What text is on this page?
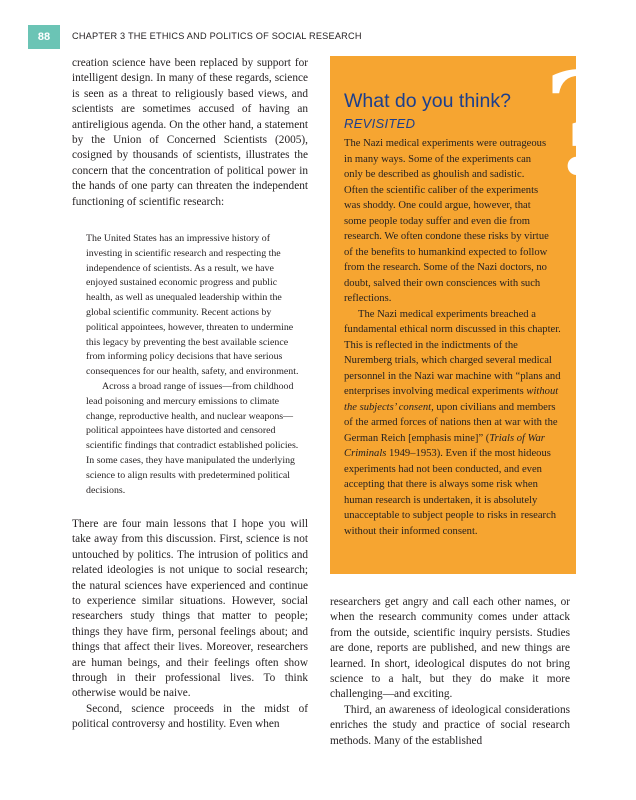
88	CHAPTER 3 THE ETHICS AND POLITICS OF SOCIAL RESEARCH

creation science have been replaced by support for intelligent design. In many of these regards, science is seen as a threat to religiously based views, and scientists are sometimes accused of having an antireligious agenda. On the other hand, a statement by the Union of Concerned Scientists (2005), cosigned by thousands of scientists, illustrates the concern that the concentration of political power in the hands of one party can threaten the independent functioning of scientific research:

The United States has an impressive history of investing in scientific research and respecting the independence of scientists. As a result, we have enjoyed sustained economic progress and public health, as well as unequaled leadership within the global scientific community. Recent actions by political appointees, however, threaten to undermine this legacy by preventing the best available science from informing policy decisions that have serious consequences for our health, safety, and environment.

Across a broad range of issues—from childhood lead poisoning and mercury emissions to climate change, reproductive health, and nuclear weapons—political appointees have distorted and censored scientific findings that contradict established policies. In some cases, they have manipulated the underlying science to align results with predetermined political decisions.

There are four main lessons that I hope you will take away from this discussion. First, science is not untouched by politics. The intrusion of politics and related ideologies is not unique to social research; the natural sciences have experienced and continue to experience similar situations. However, social researchers study things that matter to people; things they have firm, personal feelings about; and things that affect their lives. Moreover, researchers are human beings, and their feelings often show through in their professional lives. To think otherwise would be naive.

Second, science proceeds in the midst of political controversy and hostility. Even when

?
What do you think?
REVISITED

The Nazi medical experiments were outrageous in many ways. Some of the experiments can only be described as ghoulish and sadistic. Often the scientific caliber of the experiments was shoddy. One could argue, however, that some people today suffer and even die from research. We often condone these risks by virtue of the benefits to humankind expected to follow from the research. Some of the Nazi doctors, no doubt, salved their own consciences with such reflections.

The Nazi medical experiments breached a fundamental ethical norm discussed in this chapter. This is reflected in the indictments of the Nuremberg trials, which charged several medical personnel in the Nazi war machine with “plans and enterprises involving medical experiments without the subjects’ consent, upon civilians and members of the armed forces of nations then at war with the German Reich [emphasis mine]” (Trials of War Criminals 1949–1953). Even if the most hideous experiments had not been conducted, and even accepting that there is always some risk when human research is undertaken, it is absolutely unacceptable to subject people to risks in research without their informed consent.

researchers get angry and call each other names, or when the research community comes under attack from the outside, scientific inquiry persists. Studies are done, reports are published, and new things are learned. In short, ideological disputes do not bring science to a halt, but they do make it more challenging—and exciting.

Third, an awareness of ideological considerations enriches the study and practice of social research methods. Many of the established
